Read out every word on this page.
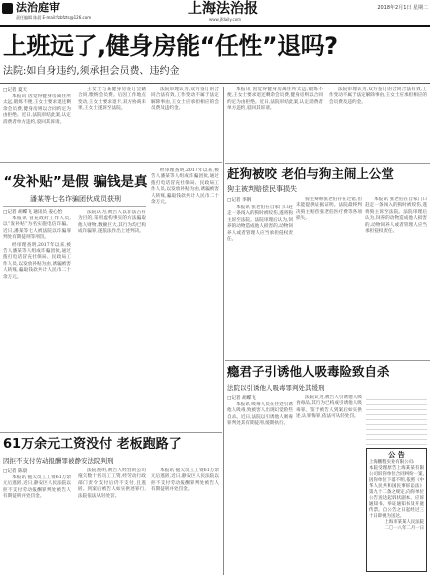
法治庭审
责任编辑 陈晨 E-mail:fzbfzts@126.com
上海法治报	2018年2月1日 星期二
www.jfdaily.com
上班远了,健身房能“任性”退吗?
法院:如自身违约,须承担会员费、违约金
□记者 夏天

本报讯 因觉得健身房离住所太远,锻炼不便,王女士要求退还剩余会员费,健身房则以合同约定为由拒绝。近日,法院审结此案,认定消费者单方违约,驳回其诉请。

王女士与某健身房签订会籍合同,缴纳会员费。后因工作地点变动,王女士要求退卡,双方协商未果,王女士遂诉至法院。

法院审理认为,双方签订的合同合法有效,工作变动不属于法定解除事由,王女士应承担相应的会员费及违约金。

“发补贴”是假 骗钱是真
潘某等七名诈骗团伙成员获刑
□记者 胡蝶飞 通讯员 姜心怡

本报讯 冒充政府工作人员,以“发补贴”为名实施电信诈骗。近日,潘某等七人被法院以诈骗罪判处有期徒刑等刑罚。

经审理查明,2017年以来,被告人潘某等人组成诈骗团伙,通过拨打电话冒充社保局、民政局工作人员,以发放补贴为由,诱骗被害人转账,骗取钱款共计人民币二十余万元。

法院认为,被告人以非法占有为目的,采用虚构事实的方法骗取他人财物,数额巨大,其行为均已构成诈骗罪,遂依法作出上述判决。

经审理查明,2017年以来,被告人潘某等人组成诈骗团伙,通过拨打电话冒充社保局、民政局工作人员,以发放补贴为由,诱骗被害人转账,骗取钱款共计人民币二十余万元。

61万余元工资没付 老板跑路了
因拒不支付劳动报酬罪被静安法院判刑
□记者 陈晨

本报讯 拖欠员工工资61万余元后逃匿,近日,静安区人民法院以拒不支付劳动报酬罪判处被告人有期徒刑并处罚金。

法院查明,被告人经营的公司拖欠数十名员工工资,经劳动行政部门责令支付后仍不支付,且逃匿。到案后被告人如实供述罪行,法院依法从轻处罚。

本报讯 拖欠员工工资61万余元后逃匿,近日,静安区人民法院以拒不支付劳动报酬罪判处被告人有期徒刑并处罚金。

本报讯 因觉得健身房离住所太远,锻炼不便,王女士要求退还剩余会员费,健身房则以合同约定为由拒绝。近日,法院审结此案,认定消费者单方违约,驳回其诉请。

法院审理认为,双方签订的合同合法有效,工作变动不属于法定解除事由,王女士应承担相应的会员费及违约金。

赶狗被咬 老伯与狗主闹上公堂
狗主被判赔偿民事损失
□记者 李钢

本报讯 张老伯在自家门口赶走一条闯入的狗时被咬伤,遂将狗主诉至法院。法院审理后认为,饲养的动物造成他人损害的,动物饲养人或者管理人应当承担侵权责任。

狗主辩称张老伯存在过错,但未能提供证据证明。法院最终判决狗主赔偿张老伯医疗费等各项损失。

本报讯 张老伯在自家门口赶走一条闯入的狗时被咬伤,遂将狗主诉至法院。法院审理后认为,饲养的动物造成他人损害的,动物饲养人或者管理人应当承担侵权责任。

瘾君子引诱他人吸毒险致自杀
法院以引诱他人吸毒罪判处其缓刑
□记者 胡蝶飞

本报讯 吸毒人员在住处引诱他人吸毒,致被害人出现幻觉险些自杀。近日,法院以引诱他人吸毒罪判处其有期徒刑,缓期执行。

法院认为,被告人引诱他人吸食毒品,其行为已构成引诱他人吸毒罪。鉴于被告人到案后如实供述,认罪悔罪,依法可从轻处罚。

公 告
上海鹏程实业有限公司:
本院受理原告上海某某有限公司诉你单位合同纠纷一案,因你单位下落不明,依照《中华人民共和国民事诉讼法》第九十二条之规定,向你单位公告送达起诉状副本、应诉通知书、举证通知书及开庭传票。自公告之日起经过三十日即视为送达。
上海市某某人民法院
二〇一八年二月一日
